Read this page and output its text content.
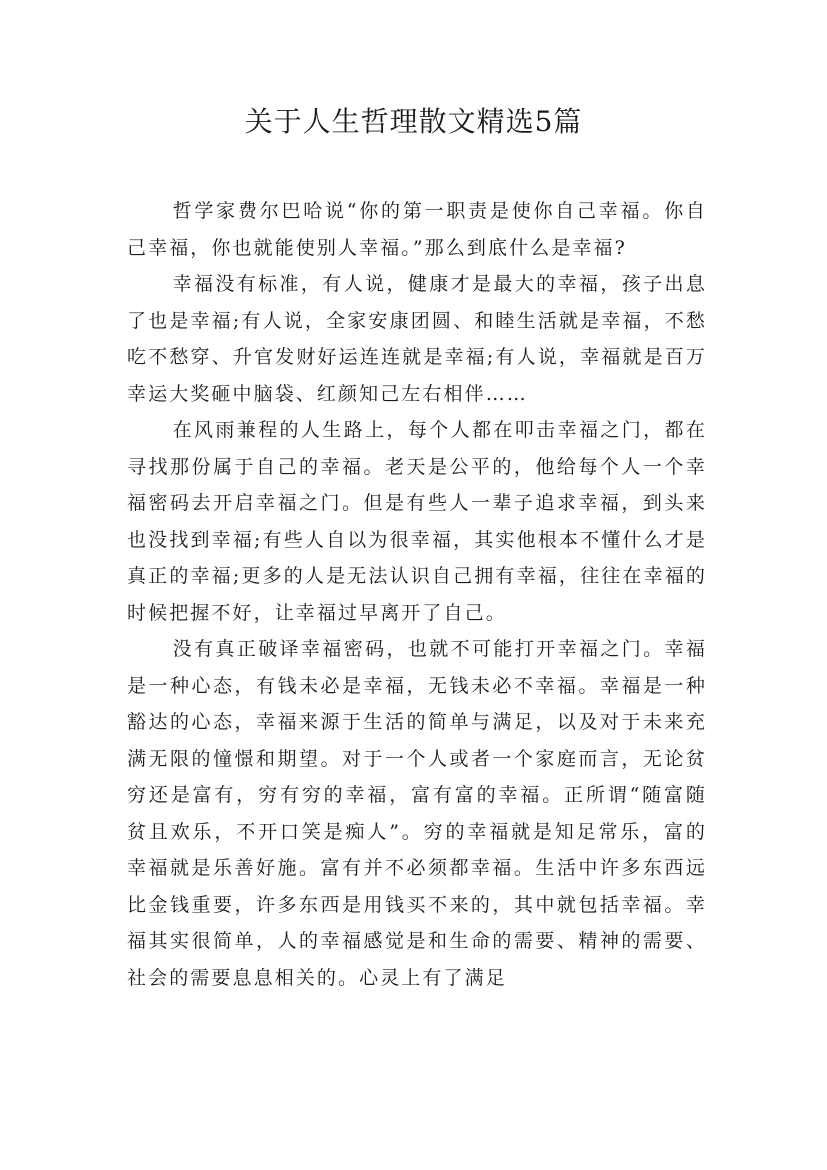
关于人生哲理散文精选5篇

哲学家费尔巴哈说“你的第一职责是使你自己幸福。你自己幸福，你也就能使别人幸福。”那么到底什么是幸福?

幸福没有标准，有人说，健康才是最大的幸福，孩子出息了也是幸福;有人说，全家安康团圆、和睦生活就是幸福，不愁吃不愁穿、升官发财好运连连就是幸福;有人说，幸福就是百万幸运大奖砸中脑袋、红颜知己左右相伴……

在风雨兼程的人生路上，每个人都在叩击幸福之门，都在寻找那份属于自己的幸福。老天是公平的，他给每个人一个幸福密码去开启幸福之门。但是有些人一辈子追求幸福，到头来也没找到幸福;有些人自以为很幸福，其实他根本不懂什么才是真正的幸福;更多的人是无法认识自己拥有幸福，往往在幸福的时候把握不好，让幸福过早离开了自己。

没有真正破译幸福密码，也就不可能打开幸福之门。幸福是一种心态，有钱未必是幸福，无钱未必不幸福。幸福是一种豁达的心态，幸福来源于生活的简单与满足，以及对于未来充满无限的憧憬和期望。对于一个人或者一个家庭而言，无论贫穷还是富有，穷有穷的幸福，富有富的幸福。正所谓“随富随贫且欢乐，不开口笑是痴人”。穷的幸福就是知足常乐，富的幸福就是乐善好施。富有并不必须都幸福。生活中许多东西远比金钱重要，许多东西是用钱买不来的，其中就包括幸福。幸福其实很简单，人的幸福感觉是和生命的需要、精神的需要、社会的需要息息相关的。心灵上有了满足
